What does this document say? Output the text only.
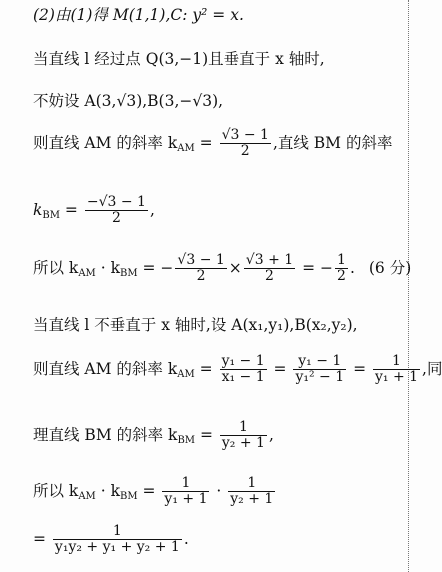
(2)由(1)得 M(1,1),C: y² = x.
当直线 l 经过点 Q(3,−1)且垂直于 x 轴时,
不妨设 A(3,√3),B(3,−√3),
则直线 AM 的斜率 $k_{AM} = \frac{√3 - 1}{2}$ ,直线 BM 的斜率
$k_{BM} = \frac{-√3 - 1}{2}$ ,
所以 $k_{AM} \cdot k_{BM}$ = − $\frac{√3 - 1}{2} \times \frac{√3 + 1}{2}$ = − $\frac{1}{2}$ . (6 分)
当直线 l 不垂直于 x 轴时,设 A(x₁,y₁),B(x₂,y₂),
则直线 AM 的斜率 $k_{AM} = \frac{\text{y₁ − 1}}{\text{x₁ − 1}} = \frac{\text{y₁ − 1}}{\text{y₁² − 1}} = \frac{1}{\text{y₁ + 1}}$ ,同
理直线 BM 的斜率 $k_{BM} = \frac{1}{\text{y₂ + 1}}$ ,
所以 $k_{AM} \cdot k_{BM} = \frac{1}{\text{y₁ + 1}} \cdot \frac{1}{\text{y₂ + 1}}$
= $\frac{1}{\text{y₁y₂ + y₁ + y₂ + 1}}$ .
